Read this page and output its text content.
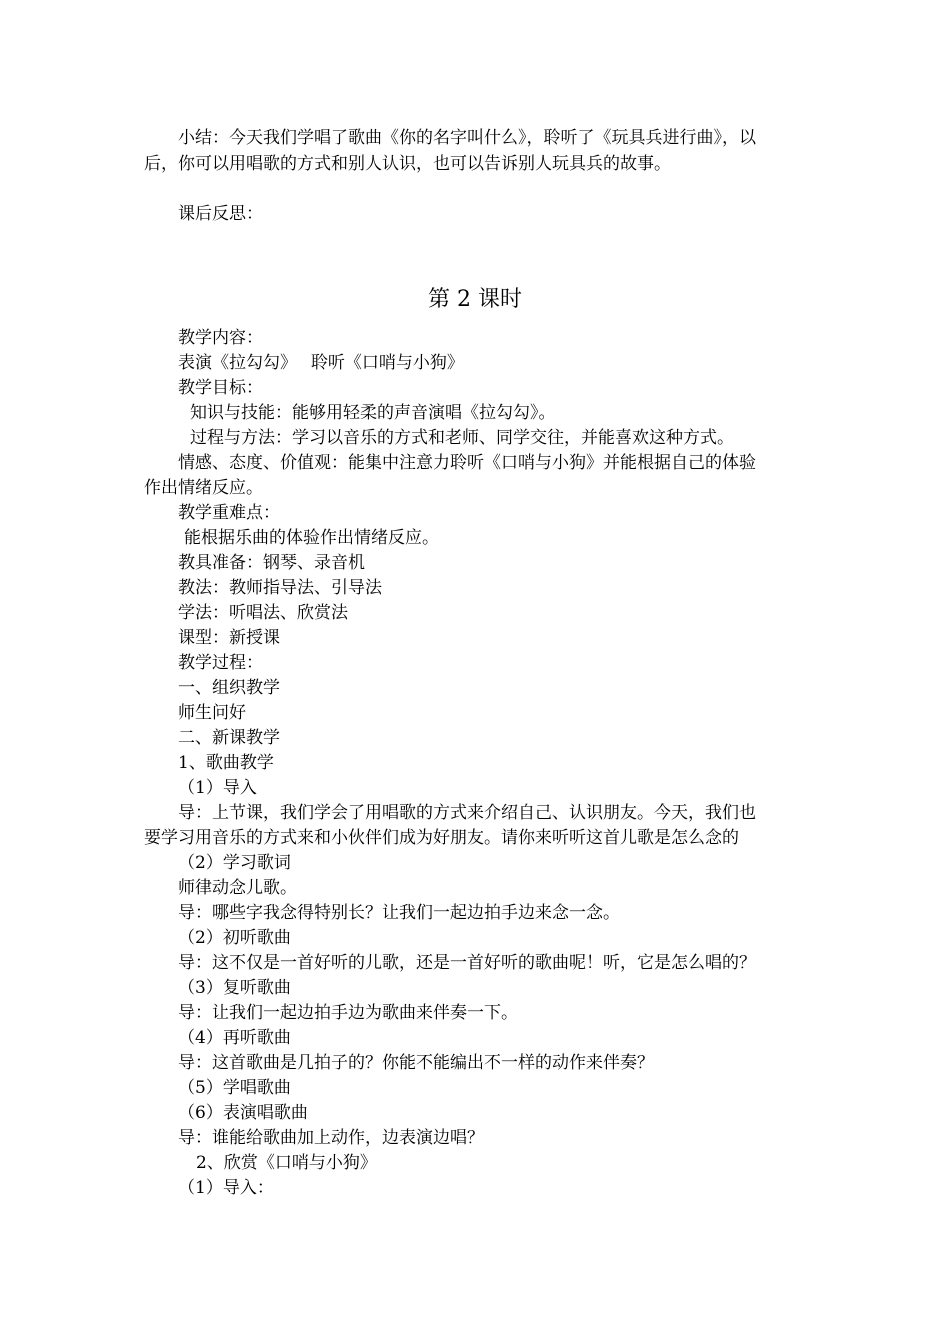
小结：今天我们学唱了歌曲《你的名字叫什么》，聆听了《玩具兵进行曲》，以
后，你可以用唱歌的方式和别人认识，也可以告诉别人玩具兵的故事。
课后反思：
第 2 课时
教学内容：
表演《拉勾勾》　 聆听《口哨与小狗》
教学目标：
知识与技能：能够用轻柔的声音演唱《拉勾勾》。
过程与方法：学习以音乐的方式和老师、同学交往，并能喜欢这种方式。
情感、态度、价值观：能集中注意力聆听《口哨与小狗》并能根据自己的体验
作出情绪反应。
教学重难点：
能根据乐曲的体验作出情绪反应。
教具准备：钢琴、录音机
教法：教师指导法、引导法
学法：听唱法、欣赏法
课型：新授课
教学过程：
一、组织教学
师生问好
二、新课教学
1、歌曲教学
（1）导入
导：上节课，我们学会了用唱歌的方式来介绍自己、认识朋友。今天，我们也
要学习用音乐的方式来和小伙伴们成为好朋友。请你来听听这首儿歌是怎么念的
（2）学习歌词
师律动念儿歌。
导：哪些字我念得特别长？让我们一起边拍手边来念一念。
（2）初听歌曲
导：这不仅是一首好听的儿歌，还是一首好听的歌曲呢！听，它是怎么唱的？
（3）复听歌曲
导：让我们一起边拍手边为歌曲来伴奏一下。
（4）再听歌曲
导：这首歌曲是几拍子的？你能不能编出不一样的动作来伴奏？
（5）学唱歌曲
（6）表演唱歌曲
导：谁能给歌曲加上动作，边表演边唱？
2、欣赏《口哨与小狗》
（1）导入：
